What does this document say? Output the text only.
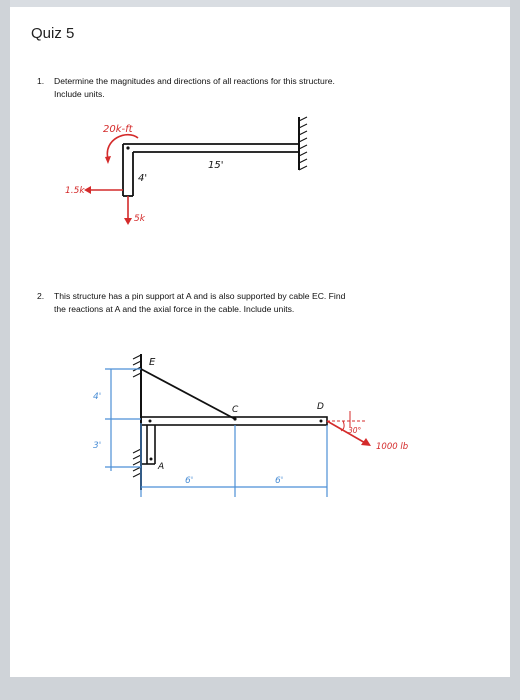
Quiz 5
1. Determine the magnitudes and directions of all reactions for this structure.
Include units.
2. This structure has a pin support at A and is also supported by cable EC. Find
the reactions at A and the axial force in the cable. Include units.
20k-ft
15'
4'
1.5k
5k
E
C	D
A
4'
3'
6'	6'
30°
1000 lb
